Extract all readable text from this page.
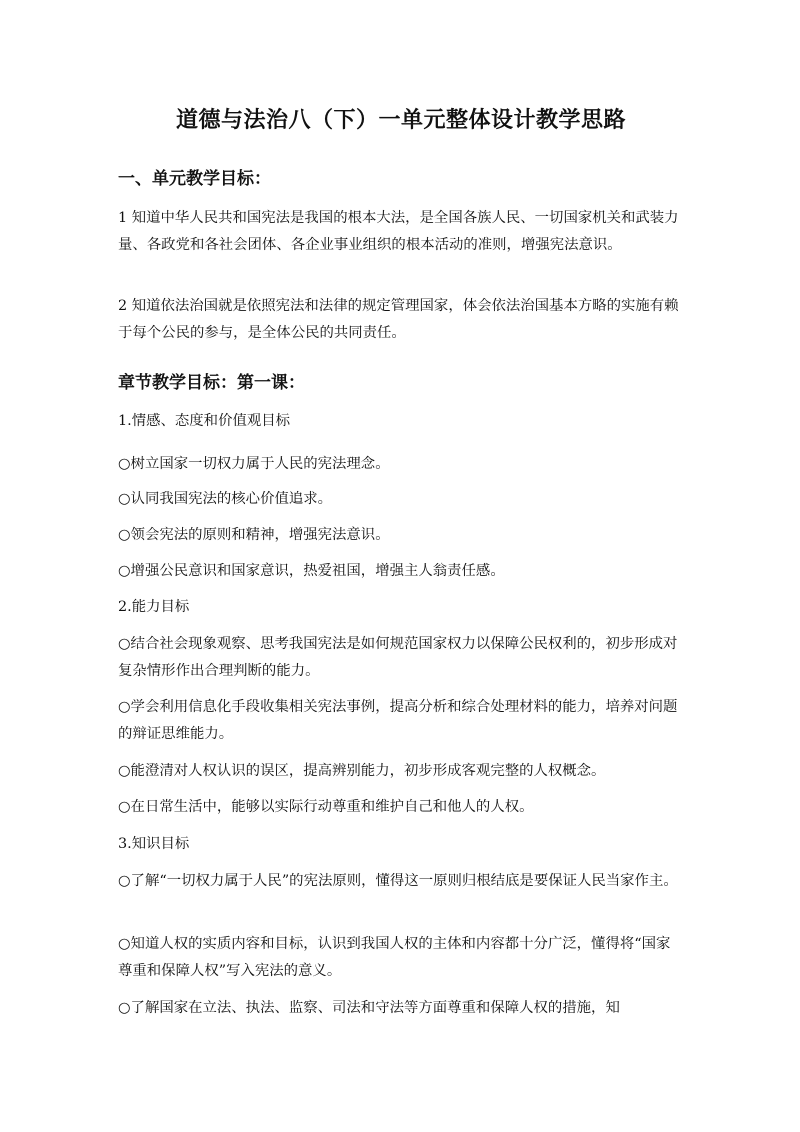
道德与法治八（下）一单元整体设计教学思路
一、单元教学目标：
1 知道中华人民共和国宪法是我国的根本大法，是全国各族人民、一切国家机关和武装力量、各政党和各社会团体、各企业事业组织的根本活动的准则，增强宪法意识。
2 知道依法治国就是依照宪法和法律的规定管理国家，体会依法治国基本方略的实施有赖于每个公民的参与，是全体公民的共同责任。
章节教学目标：第一课：
1.情感、态度和价值观目标
○树立国家一切权力属于人民的宪法理念。
○认同我国宪法的核心价值追求。
○领会宪法的原则和精神，增强宪法意识。
○增强公民意识和国家意识，热爱祖国，增强主人翁责任感。
2.能力目标
○结合社会现象观察、思考我国宪法是如何规范国家权力以保障公民权利的，初步形成对复杂情形作出合理判断的能力。
○学会利用信息化手段收集相关宪法事例，提高分析和综合处理材料的能力，培养对问题的辩证思维能力。
○能澄清对人权认识的误区，提高辨别能力，初步形成客观完整的人权概念。
○在日常生活中，能够以实际行动尊重和维护自己和他人的人权。
3.知识目标
○了解“一切权力属于人民”的宪法原则，懂得这一原则归根结底是要保证人民当家作主。
○知道人权的实质内容和目标，认识到我国人权的主体和内容都十分广泛，懂得将“国家尊重和保障人权”写入宪法的意义。
○了解国家在立法、执法、监察、司法和守法等方面尊重和保障人权的措施，知
